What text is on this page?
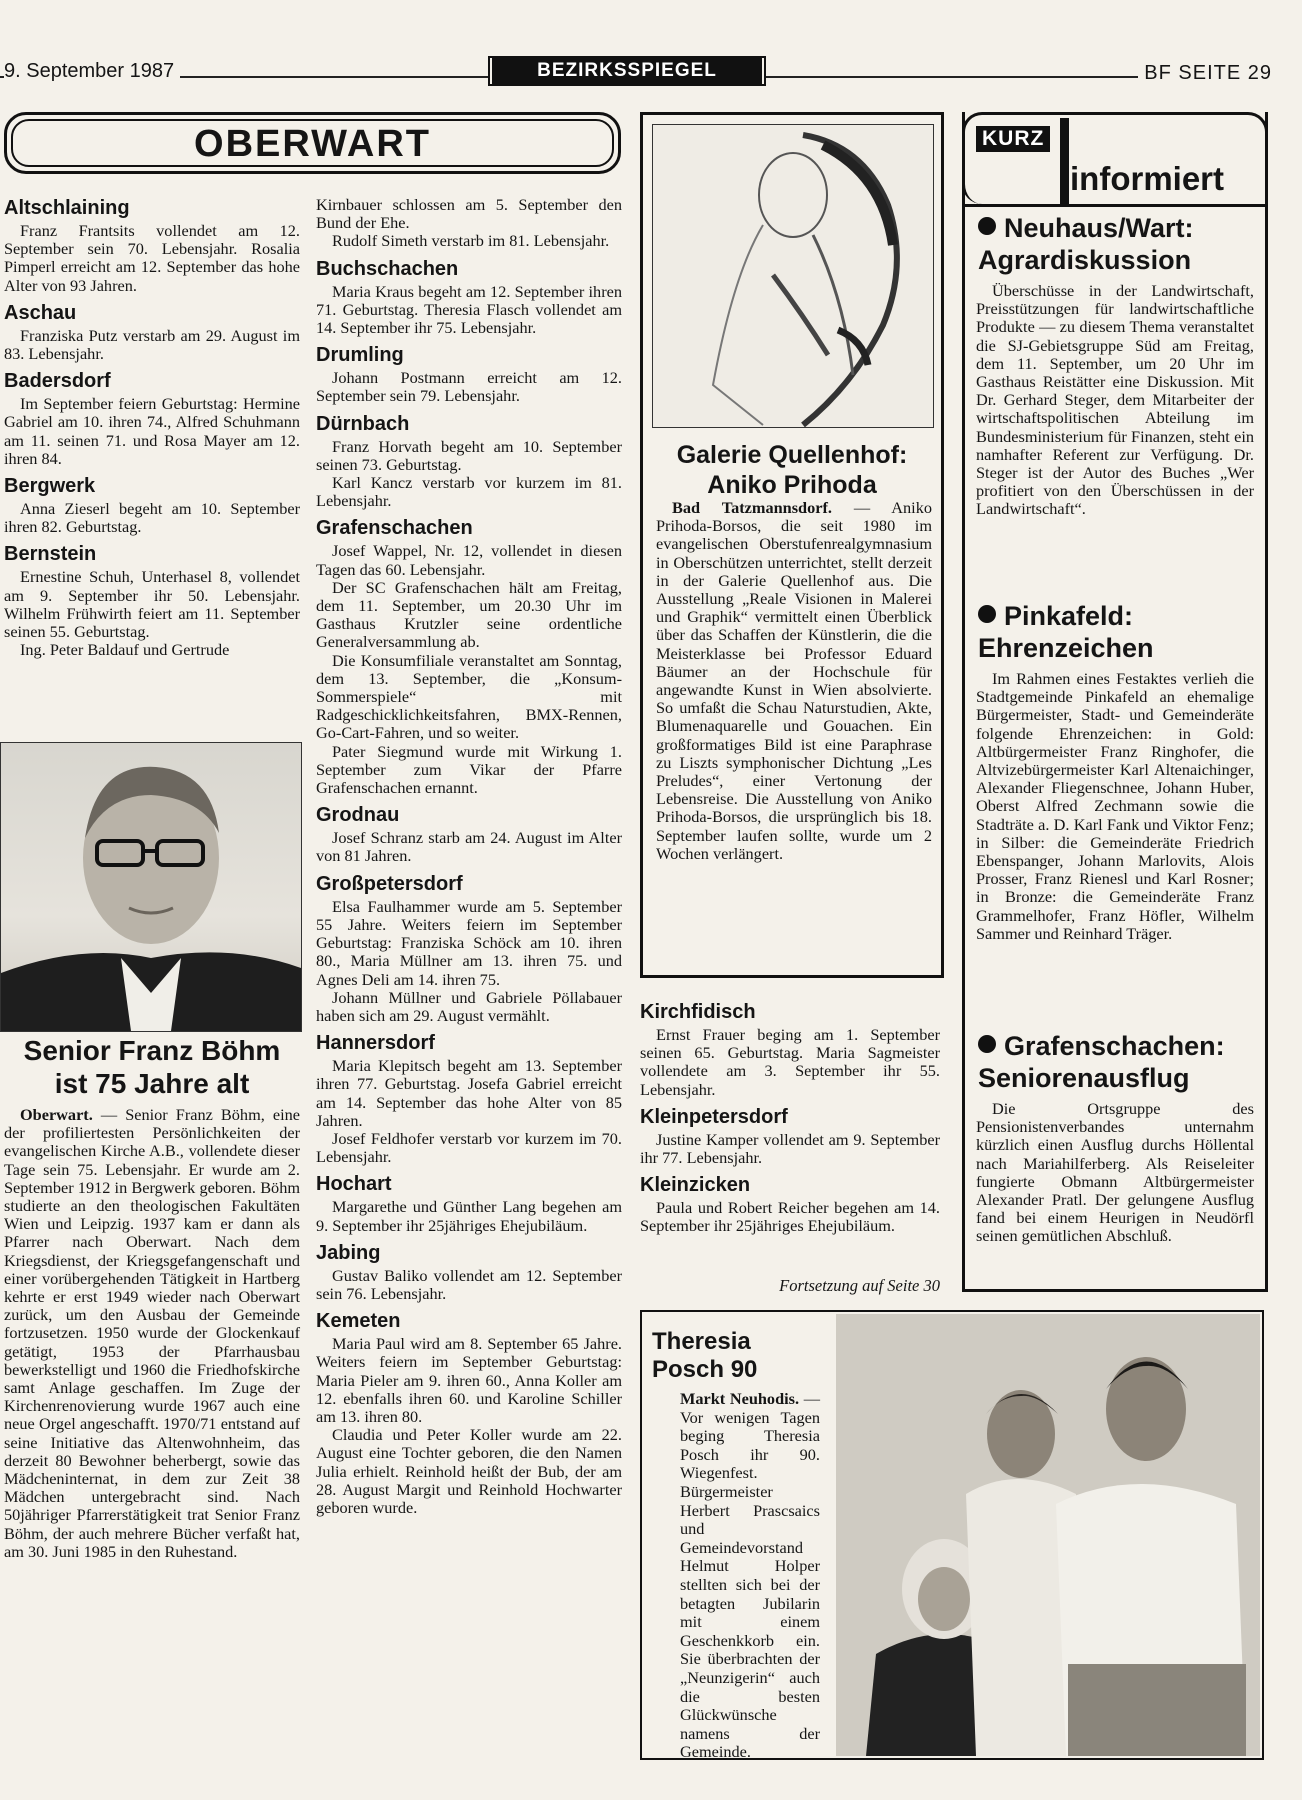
9. September 1987	BEZIRKSSPIEGEL	BF SEITE 29
OBERWART
Altschlaining

Franz Frantsits vollendet am 12. September sein 70. Lebensjahr. Rosalia Pimperl erreicht am 12. September das hohe Alter von 93 Jahren.

Aschau

Franziska Putz verstarb am 29. August im 83. Lebensjahr.

Badersdorf

Im September feiern Geburtstag: Hermine Gabriel am 10. ihren 74., Alfred Schuhmann am 11. seinen 71. und Rosa Mayer am 12. ihren 84.

Bergwerk

Anna Zieserl begeht am 10. September ihren 82. Geburtstag.

Bernstein

Ernestine Schuh, Unterhasel 8, vollendet am 9. September ihr 50. Lebensjahr. Wilhelm Frühwirth feiert am 11. September seinen 55. Geburtstag.

Ing. Peter Baldauf und Gertrude

Senior Franz Böhm
ist 75 Jahre alt

Oberwart. — Senior Franz Böhm, eine der profiliertesten Persönlichkeiten der evangelischen Kirche A.B., vollendete dieser Tage sein 75. Lebensjahr. Er wurde am 2. September 1912 in Bergwerk geboren. Böhm studierte an den theologischen Fakultäten Wien und Leipzig. 1937 kam er dann als Pfarrer nach Oberwart. Nach dem Kriegsdienst, der Kriegsgefangenschaft und einer vorübergehenden Tätigkeit in Hartberg kehrte er erst 1949 wieder nach Oberwart zurück, um den Ausbau der Gemeinde fortzusetzen. 1950 wurde der Glockenkauf getätigt, 1953 der Pfarrhausbau bewerkstelligt und 1960 die Friedhofskirche samt Anlage geschaffen. Im Zuge der Kirchenrenovierung wurde 1967 auch eine neue Orgel angeschafft. 1970/71 entstand auf seine Initiative das Altenwohnheim, das derzeit 80 Bewohner beherbergt, sowie das Mädcheninternat, in dem zur Zeit 38 Mädchen untergebracht sind. Nach 50jähriger Pfarrerstätigkeit trat Senior Franz Böhm, der auch mehrere Bücher verfaßt hat, am 30. Juni 1985 in den Ruhestand.

Kirnbauer schlossen am 5. September den Bund der Ehe.

Rudolf Simeth verstarb im 81. Lebensjahr.

Buchschachen

Maria Kraus begeht am 12. September ihren 71. Geburtstag. Theresia Flasch vollendet am 14. September ihr 75. Lebensjahr.

Drumling

Johann Postmann erreicht am 12. September sein 79. Lebensjahr.

Dürnbach

Franz Horvath begeht am 10. September seinen 73. Geburtstag.

Karl Kancz verstarb vor kurzem im 81. Lebensjahr.

Grafenschachen

Josef Wappel, Nr. 12, vollendet in diesen Tagen das 60. Lebensjahr.

Der SC Grafenschachen hält am Freitag, dem 11. September, um 20.30 Uhr im Gasthaus Krutzler seine ordentliche Generalversammlung ab.

Die Konsumfiliale veranstaltet am Sonntag, dem 13. September, die „Konsum-Sommerspiele“ mit Radgeschicklichkeitsfahren, BMX-Rennen, Go-Cart-Fahren, und so weiter.

Pater Siegmund wurde mit Wirkung 1. September zum Vikar der Pfarre Grafenschachen ernannt.

Grodnau

Josef Schranz starb am 24. August im Alter von 81 Jahren.

Großpetersdorf

Elsa Faulhammer wurde am 5. September 55 Jahre. Weiters feiern im September Geburtstag: Franziska Schöck am 10. ihren 80., Maria Müllner am 13. ihren 75. und Agnes Deli am 14. ihren 75.

Johann Müllner und Gabriele Pöllabauer haben sich am 29. August vermählt.

Hannersdorf

Maria Klepitsch begeht am 13. September ihren 77. Geburtstag. Josefa Gabriel erreicht am 14. September das hohe Alter von 85 Jahren.

Josef Feldhofer verstarb vor kurzem im 70. Lebensjahr.

Hochart

Margarethe und Günther Lang begehen am 9. September ihr 25jähriges Ehejubiläum.

Jabing

Gustav Baliko vollendet am 12. September sein 76. Lebensjahr.

Kemeten

Maria Paul wird am 8. September 65 Jahre. Weiters feiern im September Geburtstag: Maria Pieler am 9. ihren 60., Anna Koller am 12. ebenfalls ihren 60. und Karoline Schiller am 13. ihren 80.

Claudia und Peter Koller wurde am 22. August eine Tochter geboren, die den Namen Julia erhielt. Reinhold heißt der Bub, der am 28. August Margit und Reinhold Hochwarter geboren wurde.

Galerie Quellenhof:
Aniko Prihoda

Bad Tatzmannsdorf. — Aniko Prihoda-Borsos, die seit 1980 im evangelischen Oberstufenrealgymnasium in Oberschützen unterrichtet, stellt derzeit in der Galerie Quellenhof aus. Die Ausstellung „Reale Visionen in Malerei und Graphik“ vermittelt einen Überblick über das Schaffen der Künstlerin, die die Meisterklasse bei Professor Eduard Bäumer an der Hochschule für angewandte Kunst in Wien absolvierte. So umfaßt die Schau Naturstudien, Akte, Blumenaquarelle und Gouachen. Ein großformatiges Bild ist eine Paraphrase zu Liszts symphonischer Dichtung „Les Preludes“, einer Vertonung der Lebensreise. Die Ausstellung von Aniko Prihoda-Borsos, die ursprünglich bis 18. September laufen sollte, wurde um 2 Wochen verlängert.

Kirchfidisch

Ernst Frauer beging am 1. September seinen 65. Geburtstag. Maria Sagmeister vollendete am 3. September ihr 55. Lebensjahr.

Kleinpetersdorf

Justine Kamper vollendet am 9. September ihr 77. Lebensjahr.

Kleinzicken

Paula und Robert Reicher begehen am 14. September ihr 25jähriges Ehejubiläum.

Fortsetzung auf Seite 30
KURZ
informiert
Neuhaus/Wart:
Agrardiskussion

Überschüsse in der Landwirtschaft, Preisstützungen für landwirtschaftliche Produkte — zu diesem Thema veranstaltet die SJ-Gebietsgruppe Süd am Freitag, dem 11. September, um 20 Uhr im Gasthaus Reistätter eine Diskussion. Mit Dr. Gerhard Steger, dem Mitarbeiter der wirtschaftspolitischen Abteilung im Bundesministerium für Finanzen, steht ein namhafter Referent zur Verfügung. Dr. Steger ist der Autor des Buches „Wer profitiert von den Überschüssen in der Landwirtschaft“.

Pinkafeld:
Ehrenzeichen

Im Rahmen eines Festaktes verlieh die Stadtgemeinde Pinkafeld an ehemalige Bürgermeister, Stadt- und Gemeinderäte folgende Ehrenzeichen: in Gold: Altbürgermeister Franz Ringhofer, die Altvizebürgermeister Karl Altenaichinger, Alexander Fliegenschnee, Johann Huber, Oberst Alfred Zechmann sowie die Stadträte a. D. Karl Fank und Viktor Fenz; in Silber: die Gemeinderäte Friedrich Ebenspanger, Johann Marlovits, Alois Prosser, Franz Rienesl und Karl Rosner; in Bronze: die Gemeinderäte Franz Grammelhofer, Franz Höfler, Wilhelm Sammer und Reinhard Träger.

Grafenschachen:
Seniorenausflug

Die Ortsgruppe des Pensionistenverbandes unternahm kürzlich einen Ausflug durchs Höllental nach Mariahilferberg. Als Reiseleiter fungierte Obmann Altbürgermeister Alexander Pratl. Der gelungene Ausflug fand bei einem Heurigen in Neudörfl seinen gemütlichen Abschluß.

Theresia
Posch 90

Markt Neuhodis. — Vor wenigen Tagen beging Theresia Posch ihr 90. Wiegenfest. Bürgermeister Herbert Prascsaics und Gemeindevorstand Helmut Holper stellten sich bei der betagten Jubilarin mit einem Geschenkkorb ein. Sie überbrachten der „Neunzigerin“ auch die besten Glückwünsche namens der Gemeinde.
